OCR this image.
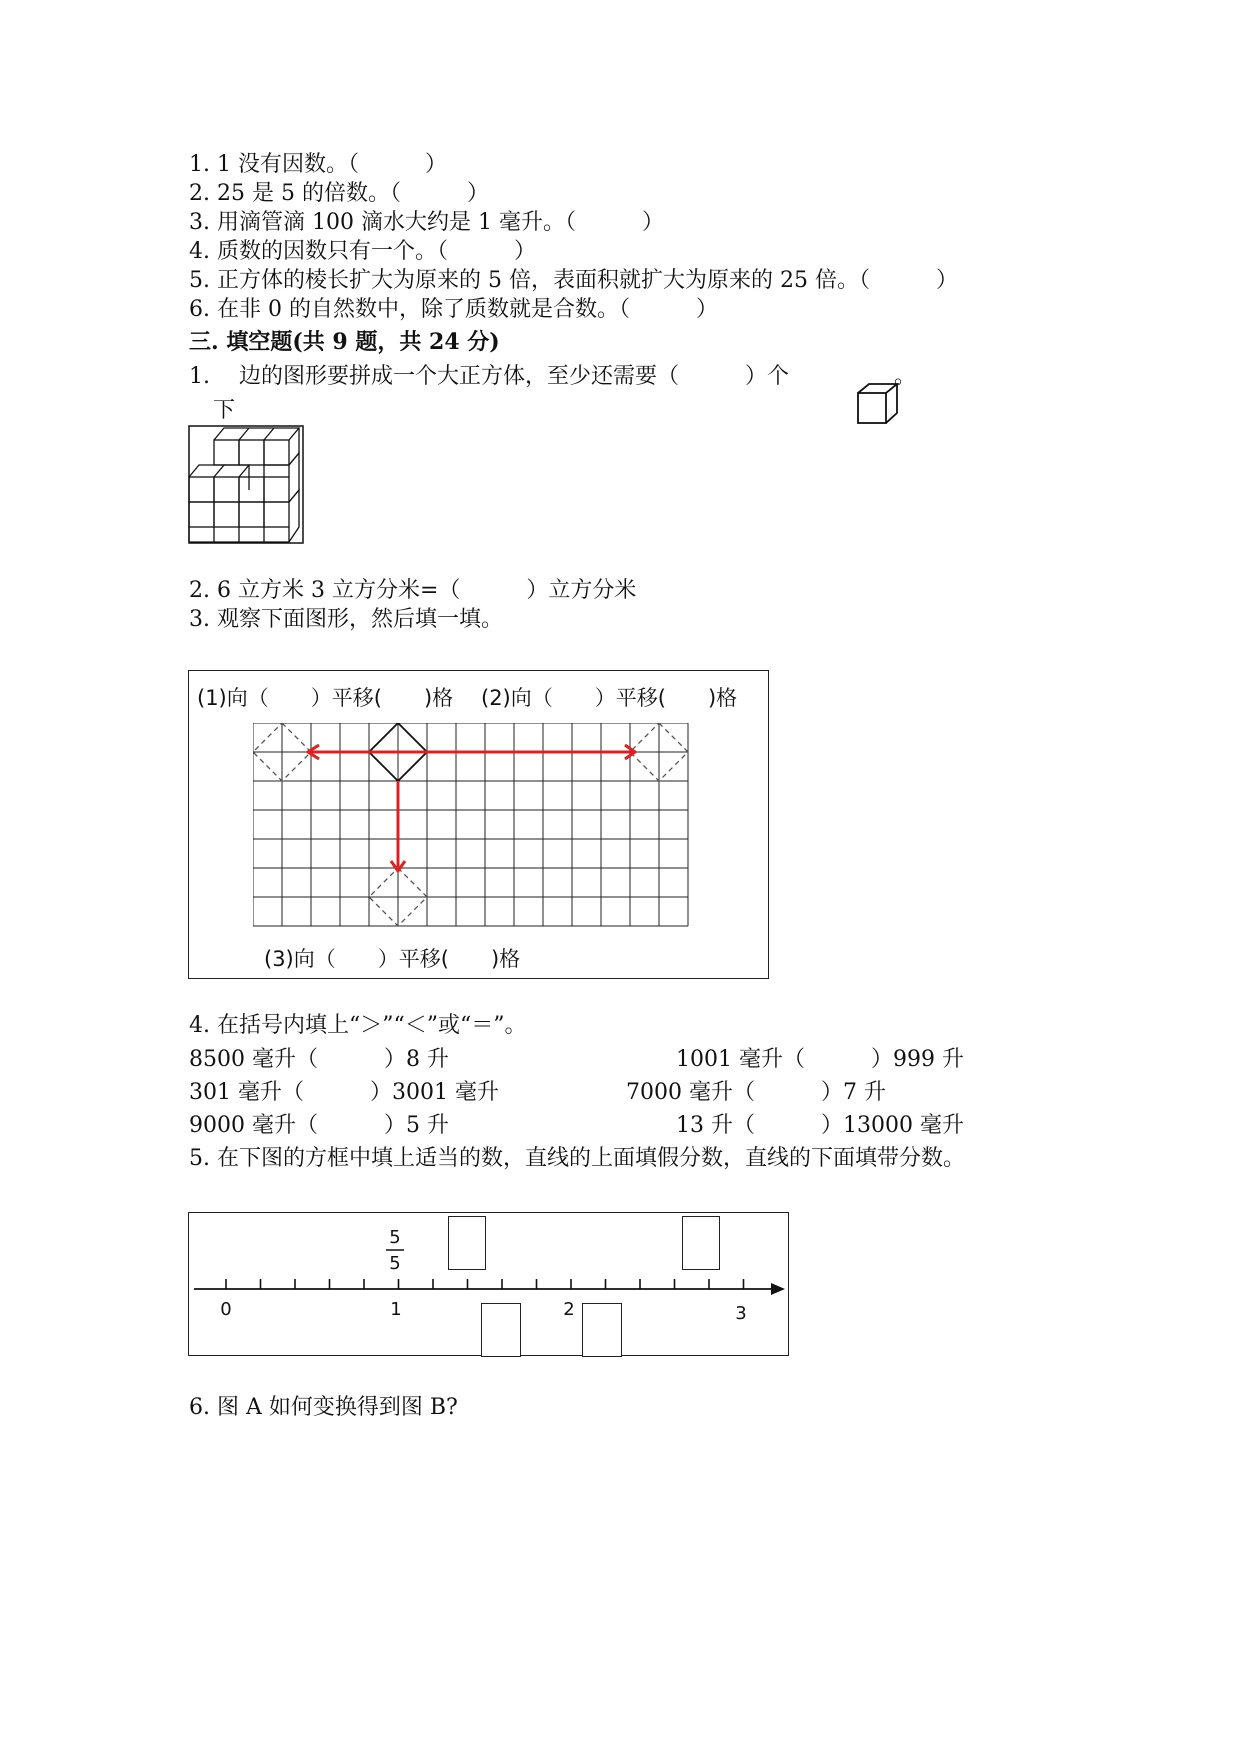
1. 1 没有因数。（　　　）
2. 25 是 5 的倍数。（　　　）
3. 用滴管滴 100 滴水大约是 1 毫升。（　　　）
4. 质数的因数只有一个。（　　　）
5. 正方体的棱长扩大为原来的 5 倍，表面积就扩大为原来的 25 倍。（　　　）
6. 在非 0 的自然数中，除了质数就是合数。（　　　）
三. 填空题(共 9 题，共 24 分)
1. 边的图形要拼成一个大正方体，至少还需要（　　　）个	。
下
2. 6 立方米 3 立方分米=（　　　）立方分米
3. 观察下面图形，然后填一填。
(1)向（　　）平移(　　)格 (2)向（　　）平移(　　)格
(3)向（　　）平移(　　)格
4. 在括号内填上“＞”“＜”或“＝”。
8500 毫升（　　　）8 升	1001 毫升（　　　）999 升
301 毫升（　　　）3001 毫升	7000 毫升（　　　）7 升
9000 毫升（　　　）5 升	13 升（　　　）13000 毫升
5. 在下图的方框中填上适当的数，直线的上面填假分数，直线的下面填带分数。
5
5
0	1	2	3
6. 图 A 如何变换得到图 B?
